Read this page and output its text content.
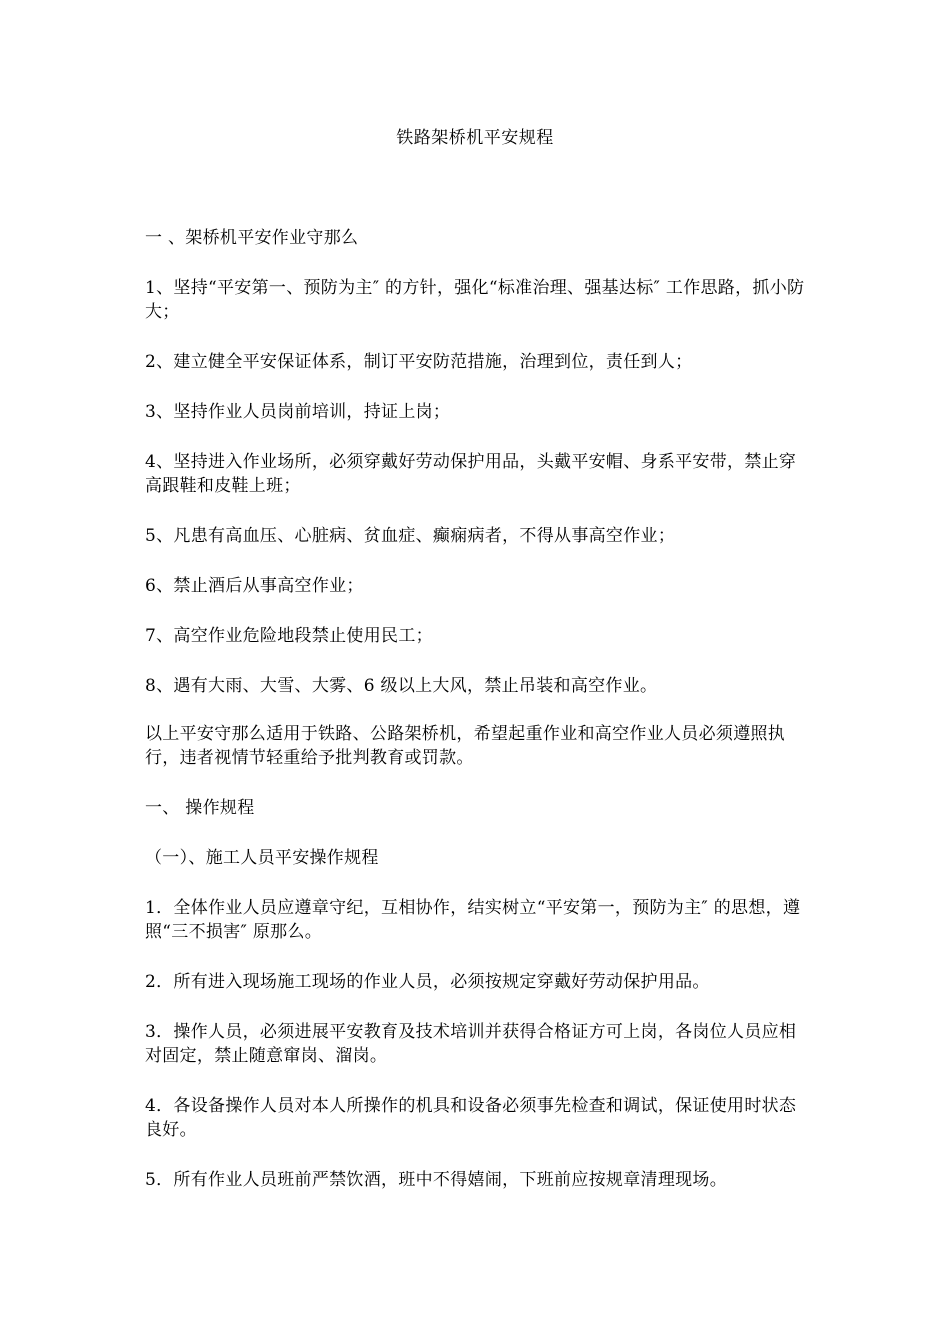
铁路架桥机平安规程
一 、架桥机平安作业守那么
1、坚持“平安第一、预防为主″ 的方针，强化“标准治理、强基达标″ 工作思路，抓小防大；
2、建立健全平安保证体系，制订平安防范措施，治理到位，责任到人；
3、坚持作业人员岗前培训，持证上岗；
4、坚持进入作业场所，必须穿戴好劳动保护用品，头戴平安帽、身系平安带，禁止穿高跟鞋和皮鞋上班；
5、凡患有高血压、心脏病、贫血症、癫痫病者，不得从事高空作业；
6、禁止酒后从事高空作业；
7、高空作业危险地段禁止使用民工；
8、遇有大雨、大雪、大雾、6 级以上大风，禁止吊装和高空作业。
以上平安守那么适用于铁路、公路架桥机，希望起重作业和高空作业人员必须遵照执行，违者视情节轻重给予批判教育或罚款。
一、 操作规程
（一）、施工人员平安操作规程
1．全体作业人员应遵章守纪，互相协作，结实树立“平安第一，预防为主″ 的思想，遵照“三不损害″ 原那么。
2．所有进入现场施工现场的作业人员，必须按规定穿戴好劳动保护用品。
3．操作人员，必须进展平安教育及技术培训并获得合格证方可上岗，各岗位人员应相对固定，禁止随意窜岗、溜岗。
4．各设备操作人员对本人所操作的机具和设备必须事先检查和调试，保证使用时状态良好。
5．所有作业人员班前严禁饮酒，班中不得嬉闹，下班前应按规章清理现场。
